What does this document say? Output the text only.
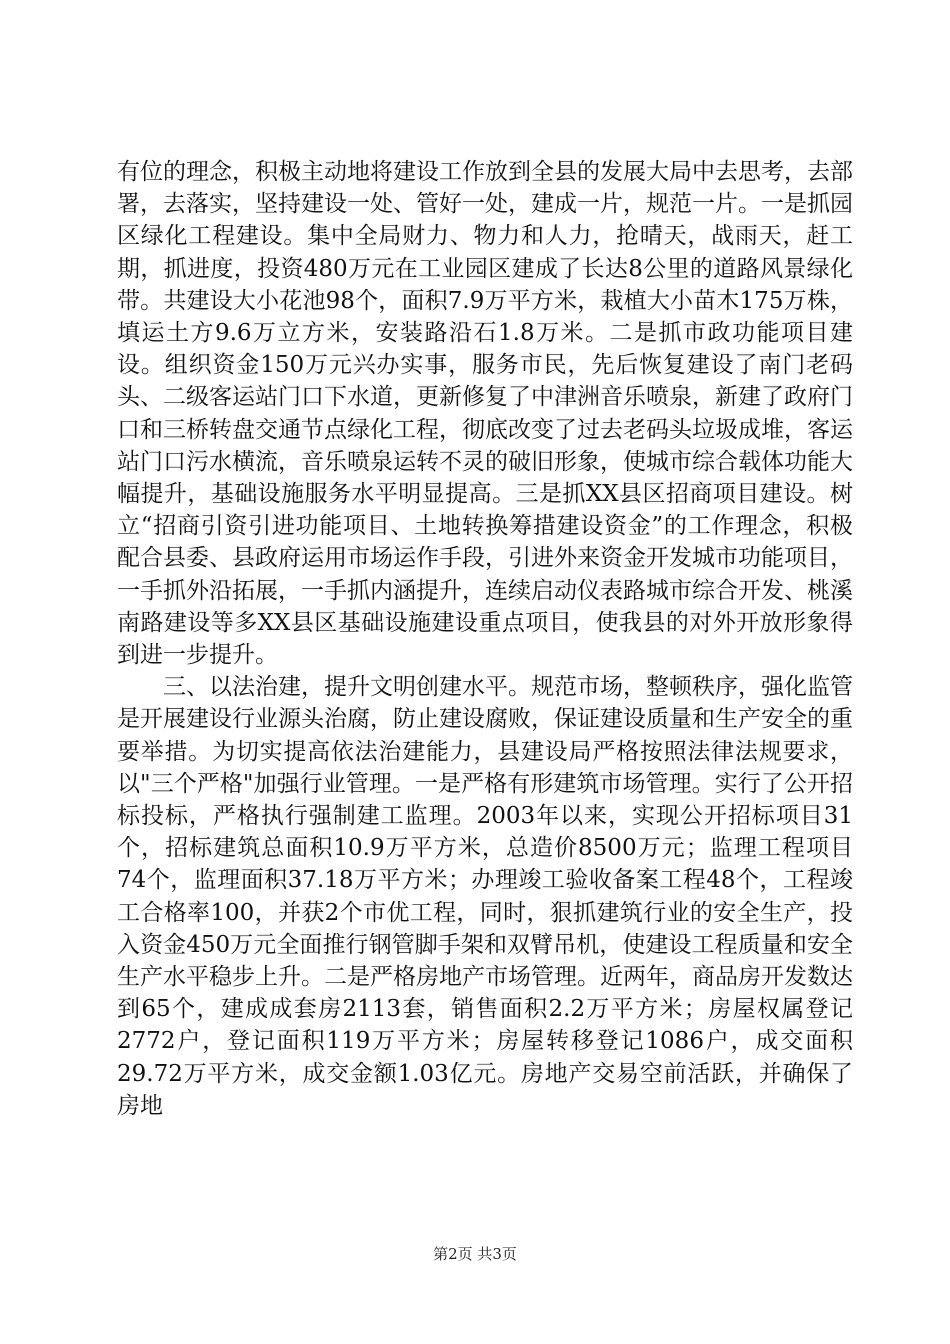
有位的理念，积极主动地将建设工作放到全县的发展大局中去思考，去部署，去落实，坚持建设一处、管好一处，建成一片，规范一片。一是抓园区绿化工程建设。集中全局财力、物力和人力，抢晴天，战雨天，赶工期，抓进度，投资480万元在工业园区建成了长达8公里的道路风景绿化带。共建设大小花池98个，面积7.9万平方米，栽植大小苗木175万株，填运土方9.6万立方米，安装路沿石1.8万米。二是抓市政功能项目建设。组织资金150万元兴办实事，服务市民，先后恢复建设了南门老码头、二级客运站门口下水道，更新修复了中津洲音乐喷泉，新建了政府门口和三桥转盘交通节点绿化工程，彻底改变了过去老码头垃圾成堆，客运站门口污水横流，音乐喷泉运转不灵的破旧形象，使城市综合载体功能大幅提升，基础设施服务水平明显提高。三是抓XX县区招商项目建设。树立“招商引资引进功能项目、土地转换筹措建设资金”的工作理念，积极配合县委、县政府运用市场运作手段，引进外来资金开发城市功能项目，一手抓外沿拓展，一手抓内涵提升，连续启动仪表路城市综合开发、桃溪南路建设等多XX县区基础设施建设重点项目，使我县的对外开放形象得到进一步提升。

三、以法治建，提升文明创建水平。规范市场，整顿秩序，强化监管是开展建设行业源头治腐，防止建设腐败，保证建设质量和生产安全的重要举措。为切实提高依法治建能力，县建设局严格按照法律法规要求，以"三个严格"加强行业管理。一是严格有形建筑市场管理。实行了公开招标投标，严格执行强制建工监理。2003年以来，实现公开招标项目31个，招标建筑总面积10.9万平方米，总造价8500万元；监理工程项目74个，监理面积37.18万平方米；办理竣工验收备案工程48个，工程竣工合格率100，并获2个市优工程，同时，狠抓建筑行业的安全生产，投入资金450万元全面推行钢管脚手架和双臂吊机，使建设工程质量和安全生产水平稳步上升。二是严格房地产市场管理。近两年，商品房开发数达到65个，建成成套房2113套，销售面积2.2万平方米；房屋权属登记2772户，登记面积119万平方米；房屋转移登记1086户，成交面积29.72万平方米，成交金额1.03亿元。房地产交易空前活跃，并确保了房地

第2页 共3页
